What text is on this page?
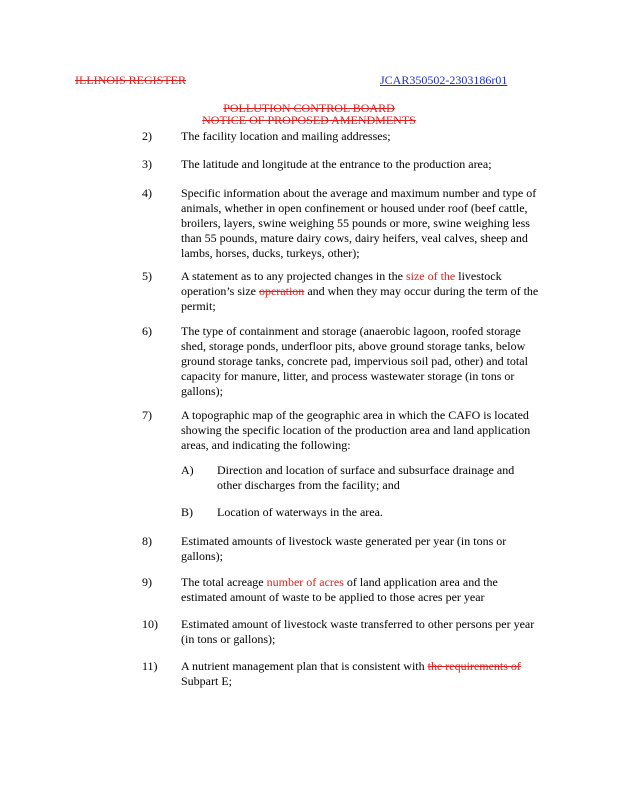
ILLINOIS REGISTER	JCAR350502-2303186r01
POLLUTION CONTROL BOARD
NOTICE OF PROPOSED AMENDMENTS
2)	The facility location and mailing addresses;
3)	The latitude and longitude at the entrance to the production area;
4)	Specific information about the average and maximum number and type of
animals, whether in open confinement or housed under roof (beef cattle,
broilers, layers, swine weighing 55 pounds or more, swine weighing less
than 55 pounds, mature dairy cows, dairy heifers, veal calves, sheep and
lambs, horses, ducks, turkeys, other);
5)	A statement as to any projected changes in the size of the livestock
operation’s size operation and when they may occur during the term of the
permit;
6)	The type of containment and storage (anaerobic lagoon, roofed storage
shed, storage ponds, underfloor pits, above ground storage tanks, below
ground storage tanks, concrete pad, impervious soil pad, other) and total
capacity for manure, litter, and process wastewater storage (in tons or
gallons);
7)	A topographic map of the geographic area in which the CAFO is located
showing the specific location of the production area and land application
areas, and indicating the following:
A) Direction and location of surface and subsurface drainage and
other discharges from the facility; and
B) Location of waterways in the area.
8)	Estimated amounts of livestock waste generated per year (in tons or
gallons);
9)	The total acreage number of acres of land application area and the
estimated amount of waste to be applied to those acres per year
10)	Estimated amount of livestock waste transferred to other persons per year
(in tons or gallons);
11)	A nutrient management plan that is consistent with the requirements of
Subpart E;
